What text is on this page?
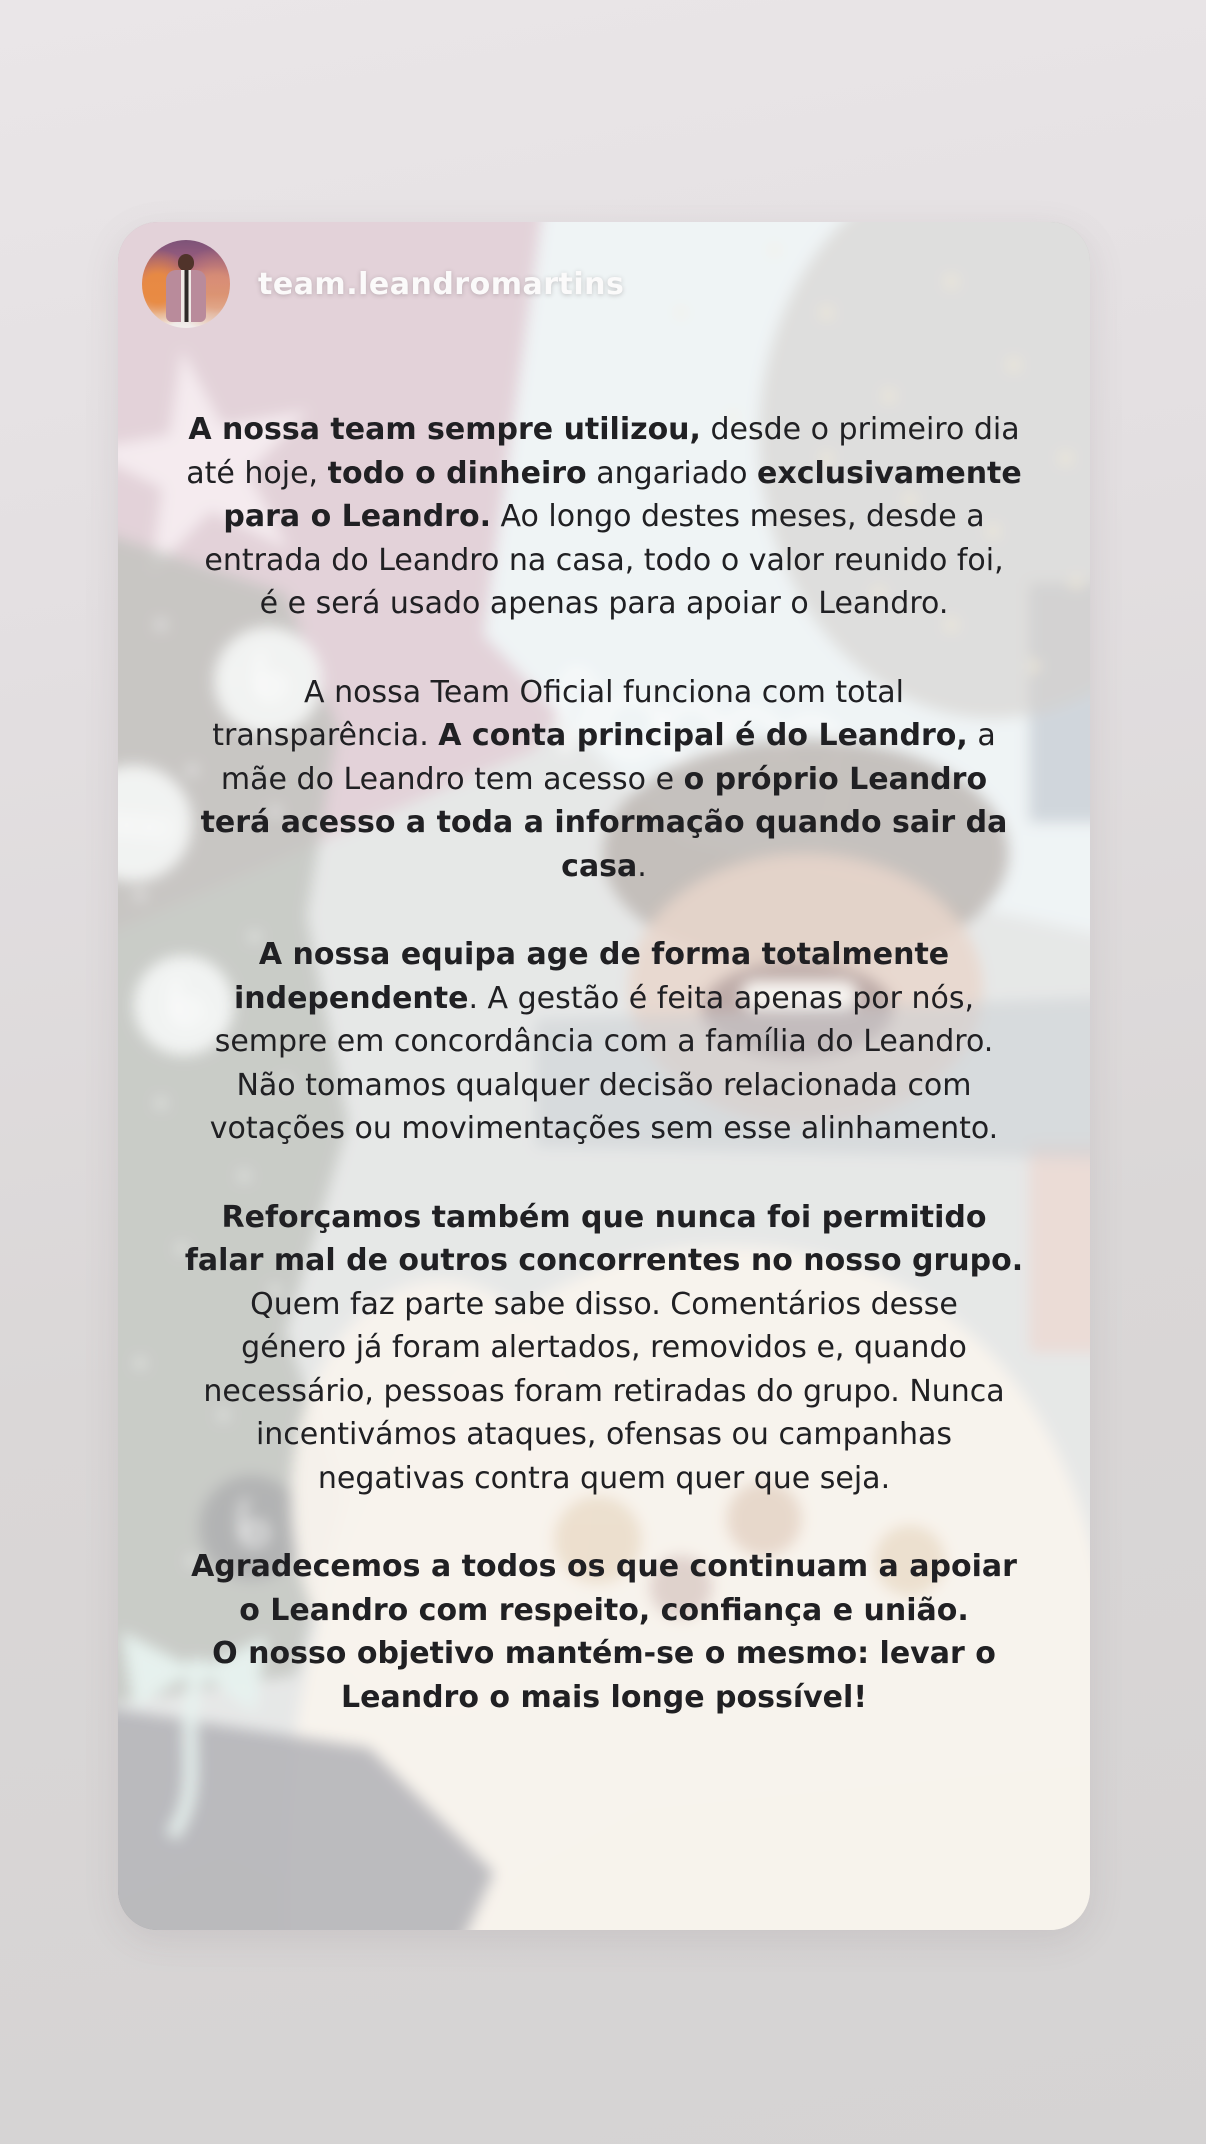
team.leandromartins

A nossa team sempre utilizou, desde o primeiro dia
até hoje, todo o dinheiro angariado exclusivamente
para o Leandro. Ao longo destes meses, desde a
entrada do Leandro na casa, todo o valor reunido foi,
é e será usado apenas para apoiar o Leandro.

A nossa Team Oficial funciona com total
transparência. A conta principal é do Leandro, a
mãe do Leandro tem acesso e o próprio Leandro
terá acesso a toda a informação quando sair da
casa.

A nossa equipa age de forma totalmente
independente. A gestão é feita apenas por nós,
sempre em concordância com a família do Leandro.
Não tomamos qualquer decisão relacionada com
votações ou movimentações sem esse alinhamento.

Reforçamos também que nunca foi permitido
falar mal de outros concorrentes no nosso grupo.
Quem faz parte sabe disso. Comentários desse
género já foram alertados, removidos e, quando
necessário, pessoas foram retiradas do grupo. Nunca
incentivámos ataques, ofensas ou campanhas
negativas contra quem quer que seja.

Agradecemos a todos os que continuam a apoiar
o Leandro com respeito, confiança e união.
O nosso objetivo mantém-se o mesmo: levar o
Leandro o mais longe possível!
